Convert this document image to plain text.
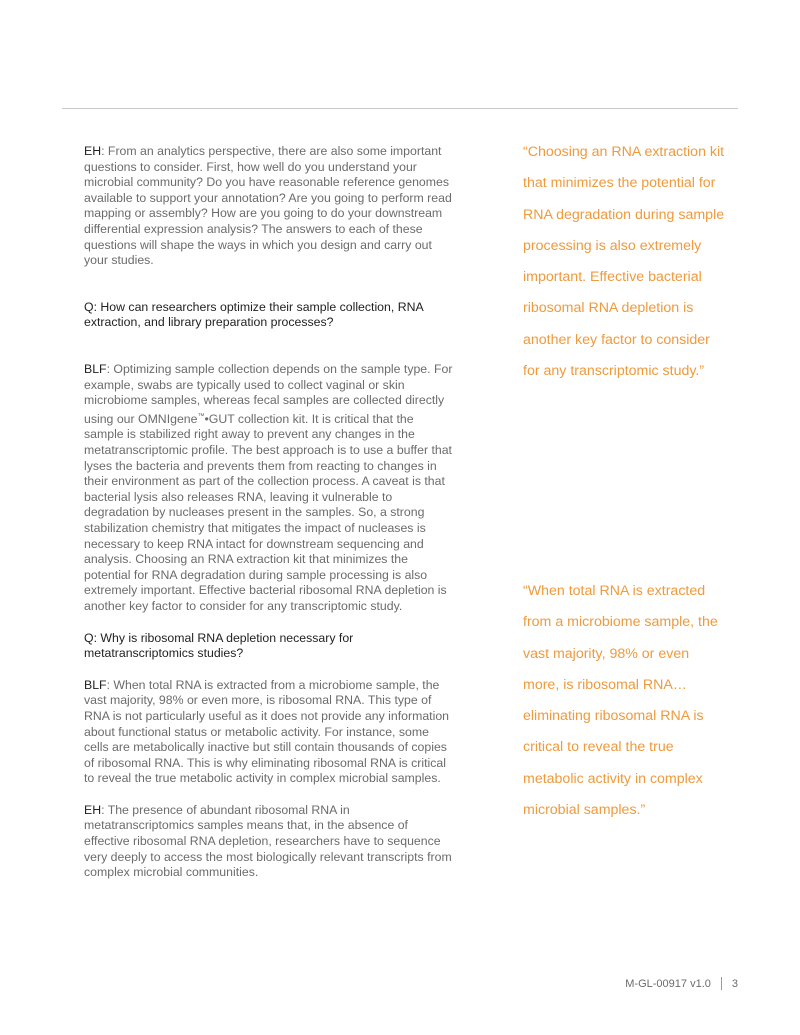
EH: From an analytics perspective, there are also some important questions to consider. First, how well do you understand your microbial community? Do you have reasonable reference genomes available to support your annotation? Are you going to perform read mapping or assembly? How are you going to do your downstream differential expression analysis? The answers to each of these questions will shape the ways in which you design and carry out your studies.

Q: How can researchers optimize their sample collection, RNA extraction, and library preparation processes?

BLF: Optimizing sample collection depends on the sample type. For example, swabs are typically used to collect vaginal or skin microbiome samples, whereas fecal samples are collected directly using our OMNIgene™•GUT collection kit. It is critical that the sample is stabilized right away to prevent any changes in the metatranscriptomic profile. The best approach is to use a buffer that lyses the bacteria and prevents them from reacting to changes in their environment as part of the collection process. A caveat is that bacterial lysis also releases RNA, leaving it vulnerable to degradation by nucleases present in the samples. So, a strong stabilization chemistry that mitigates the impact of nucleases is necessary to keep RNA intact for downstream sequencing and analysis. Choosing an RNA extraction kit that minimizes the potential for RNA degradation during sample processing is also extremely important. Effective bacterial ribosomal RNA depletion is another key factor to consider for any transcriptomic study.

Q: Why is ribosomal RNA depletion necessary for metatranscriptomics studies?

BLF: When total RNA is extracted from a microbiome sample, the vast majority, 98% or even more, is ribosomal RNA. This type of RNA is not particularly useful as it does not provide any information about functional status or metabolic activity. For instance, some cells are metabolically inactive but still contain thousands of copies of ribosomal RNA. This is why eliminating ribosomal RNA is critical to reveal the true metabolic activity in complex microbial samples.

EH: The presence of abundant ribosomal RNA in metatranscriptomics samples means that, in the absence of effective ribosomal RNA depletion, researchers have to sequence very deeply to access the most biologically relevant transcripts from complex microbial communities.

“Choosing an RNA extraction kit that minimizes the potential for RNA degradation during sample processing is also extremely important. Effective bacterial ribosomal RNA depletion is another key factor to consider for any transcriptomic study.”

“When total RNA is extracted from a microbiome sample, the vast majority, 98% or even more, is ribosomal RNA… eliminating ribosomal RNA is critical to reveal the true metabolic activity in complex microbial samples.”

M-GL-00917 v1.0 3
